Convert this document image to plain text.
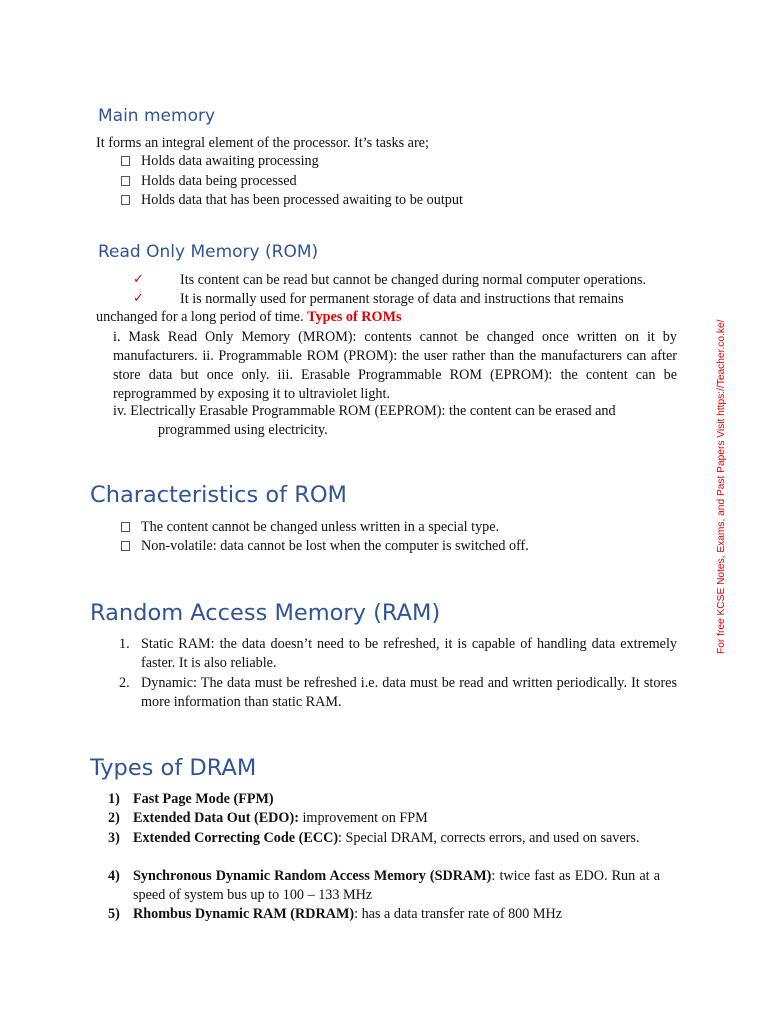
Main memory
It forms an integral element of the processor. It’s tasks are;
Holds data awaiting processing
Holds data being processed
Holds data that has been processed awaiting to be output
Read Only Memory (ROM)
✓	Its content can be read but cannot be changed during normal computer operations.
✓	It is normally used for permanent storage of data and instructions that remains
unchanged for a long period of time. Types of ROMs
i. Mask Read Only Memory (MROM): contents cannot be changed once written on it by manufacturers. ii. Programmable ROM (PROM): the user rather than the manufacturers can after store data but once only. iii. Erasable Programmable ROM (EPROM): the content can be reprogrammed by exposing it to ultraviolet light.
iv. Electrically Erasable Programmable ROM (EEPROM): the content can be erased and
programmed using electricity.
Characteristics of ROM
The content cannot be changed unless written in a special type.
Non-volatile: data cannot be lost when the computer is switched off.
Random Access Memory (RAM)
1. Static RAM: the data doesn’t need to be refreshed, it is capable of handling data extremely faster. It is also reliable.
2. Dynamic: The data must be refreshed i.e. data must be read and written periodically. It stores more information than static RAM.
Types of DRAM
1) Fast Page Mode (FPM)
2) Extended Data Out (EDO): improvement on FPM
3) Extended Correcting Code (ECC): Special DRAM, corrects errors, and used on savers.
4) Synchronous Dynamic Random Access Memory (SDRAM): twice fast as EDO. Run at a speed of system bus up to 100 – 133 MHz
5) Rhombus Dynamic RAM (RDRAM): has a data transfer rate of 800 MHz
For free KCSE Notes, Exams, and Past Papers Visit https://Teacher.co.ke/
